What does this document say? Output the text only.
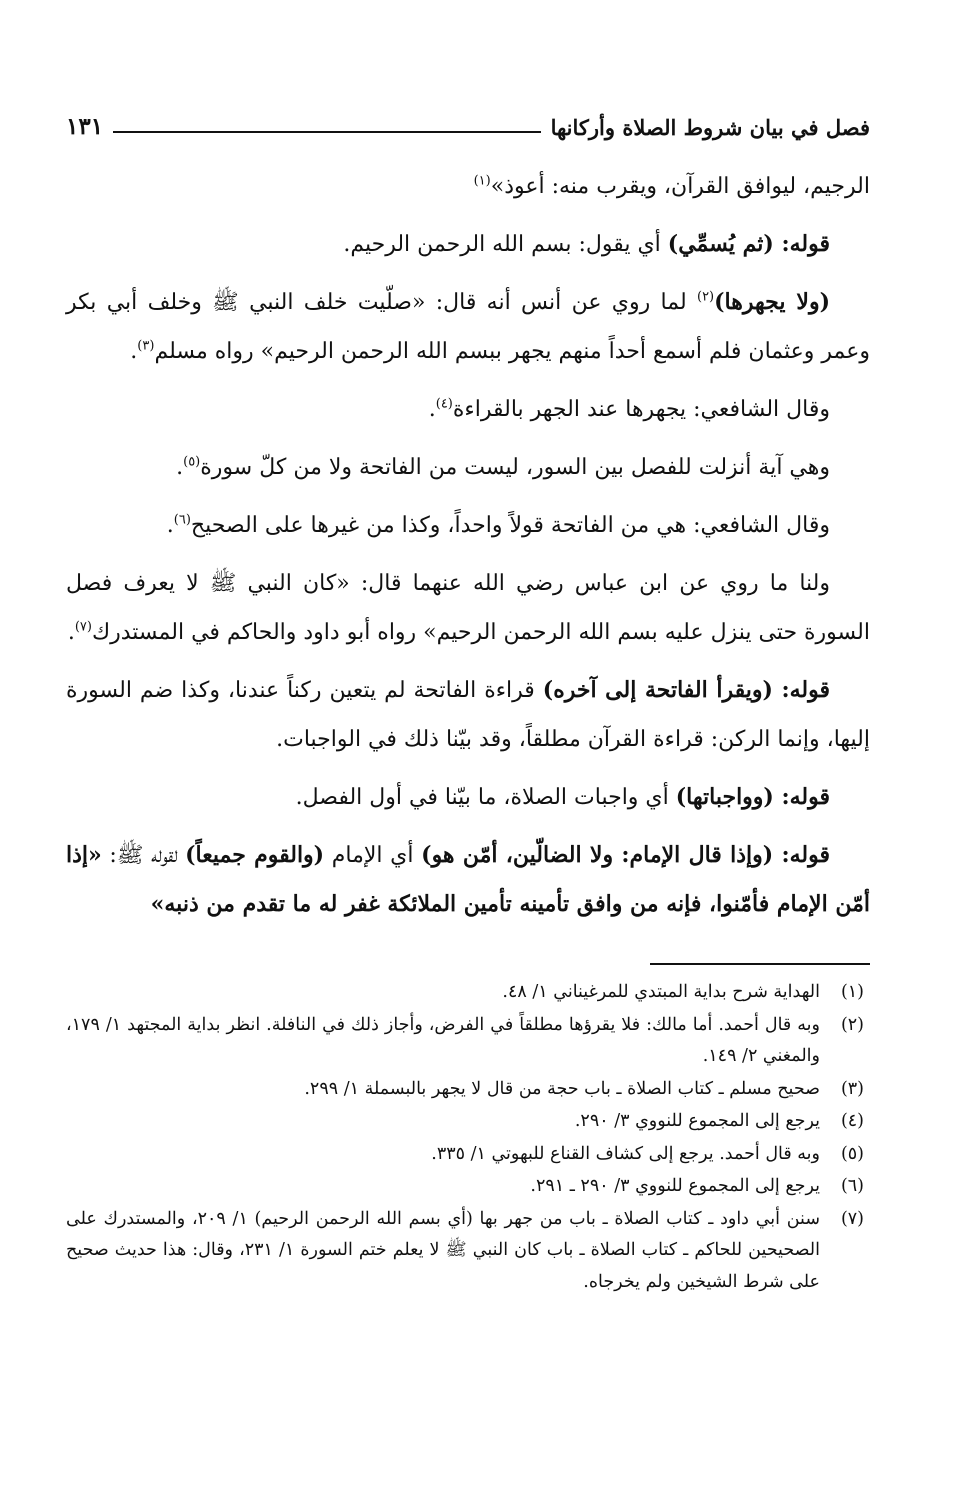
فصل في بيان شروط الصلاة وأركانها
١٣١

الرجيم، ليوافق القرآن، ويقرب منه: أعوذ»$^{(١)}$

قوله: (ثم يُسمِّي) أي يقول: بسم الله الرحمن الرحيم.

(ولا يجهرها)$^{(٢)}$ لما روي عن أنس أنه قال: «صلّيت خلف النبي ﷺ وخلف أبي بكر وعمر وعثمان فلم أسمع أحداً منهم يجهر ببسم الله الرحمن الرحيم» رواه مسلم$^{(٣)}$.

وقال الشافعي: يجهرها عند الجهر بالقراءة$^{(٤)}$.

وهي آية أنزلت للفصل بين السور، ليست من الفاتحة ولا من كلّ سورة$^{(٥)}$.

وقال الشافعي: هي من الفاتحة قولاً واحداً، وكذا من غيرها على الصحيح$^{(٦)}$.

ولنا ما روي عن ابن عباس رضي الله عنهما قال: «كان النبي ﷺ لا يعرف فصل السورة حتى ينزل عليه بسم الله الرحمن الرحيم» رواه أبو داود والحاكم في المستدرك$^{(٧)}$.

قوله: (ويقرأ الفاتحة إلى آخره) قراءة الفاتحة لم يتعين ركناً عندنا، وكذا ضم السورة إليها، وإنما الركن: قراءة القرآن مطلقاً، وقد بيّنا ذلك في الواجبات.

قوله: (وواجباتها) أي واجبات الصلاة، ما بيّنا في أول الفصل.

قوله: (وإذا قال الإمام: ولا الضالّين، أمّن هو) أي الإمام (والقوم جميعاً) لقوله ﷺ: «إذا أمّن الإمام فأمّنوا، فإنه من وافق تأمينه تأمين الملائكة غفر له ما تقدم من ذنبه»

(١)
الهداية شرح بداية المبتدي للمرغيناني ١/ ٤٨.
(٢)
وبه قال أحمد. أما مالك: فلا يقرؤها مطلقاً في الفرض، وأجاز ذلك في النافلة. انظر بداية المجتهد ١/ ١٧٩، والمغني ٢/ ١٤٩.
(٣)
صحيح مسلم ـ كتاب الصلاة ـ باب حجة من قال لا يجهر بالبسملة ١/ ٢٩٩.
(٤)
يرجع إلى المجموع للنووي ٣/ ٢٩٠.
(٥)
وبه قال أحمد. يرجع إلى كشاف القناع للبهوتي ١/ ٣٣٥.
(٦)
يرجع إلى المجموع للنووي ٣/ ٢٩٠ ـ ٢٩١.
(٧)
سنن أبي داود ـ كتاب الصلاة ـ باب من جهر بها (أي بسم الله الرحمن الرحيم) ١/ ٢٠٩، والمستدرك على الصحيحين للحاكم ـ كتاب الصلاة ـ باب كان النبي ﷺ لا يعلم ختم السورة ١/ ٢٣١، وقال: هذا حديث صحيح على شرط الشيخين ولم يخرجاه.
